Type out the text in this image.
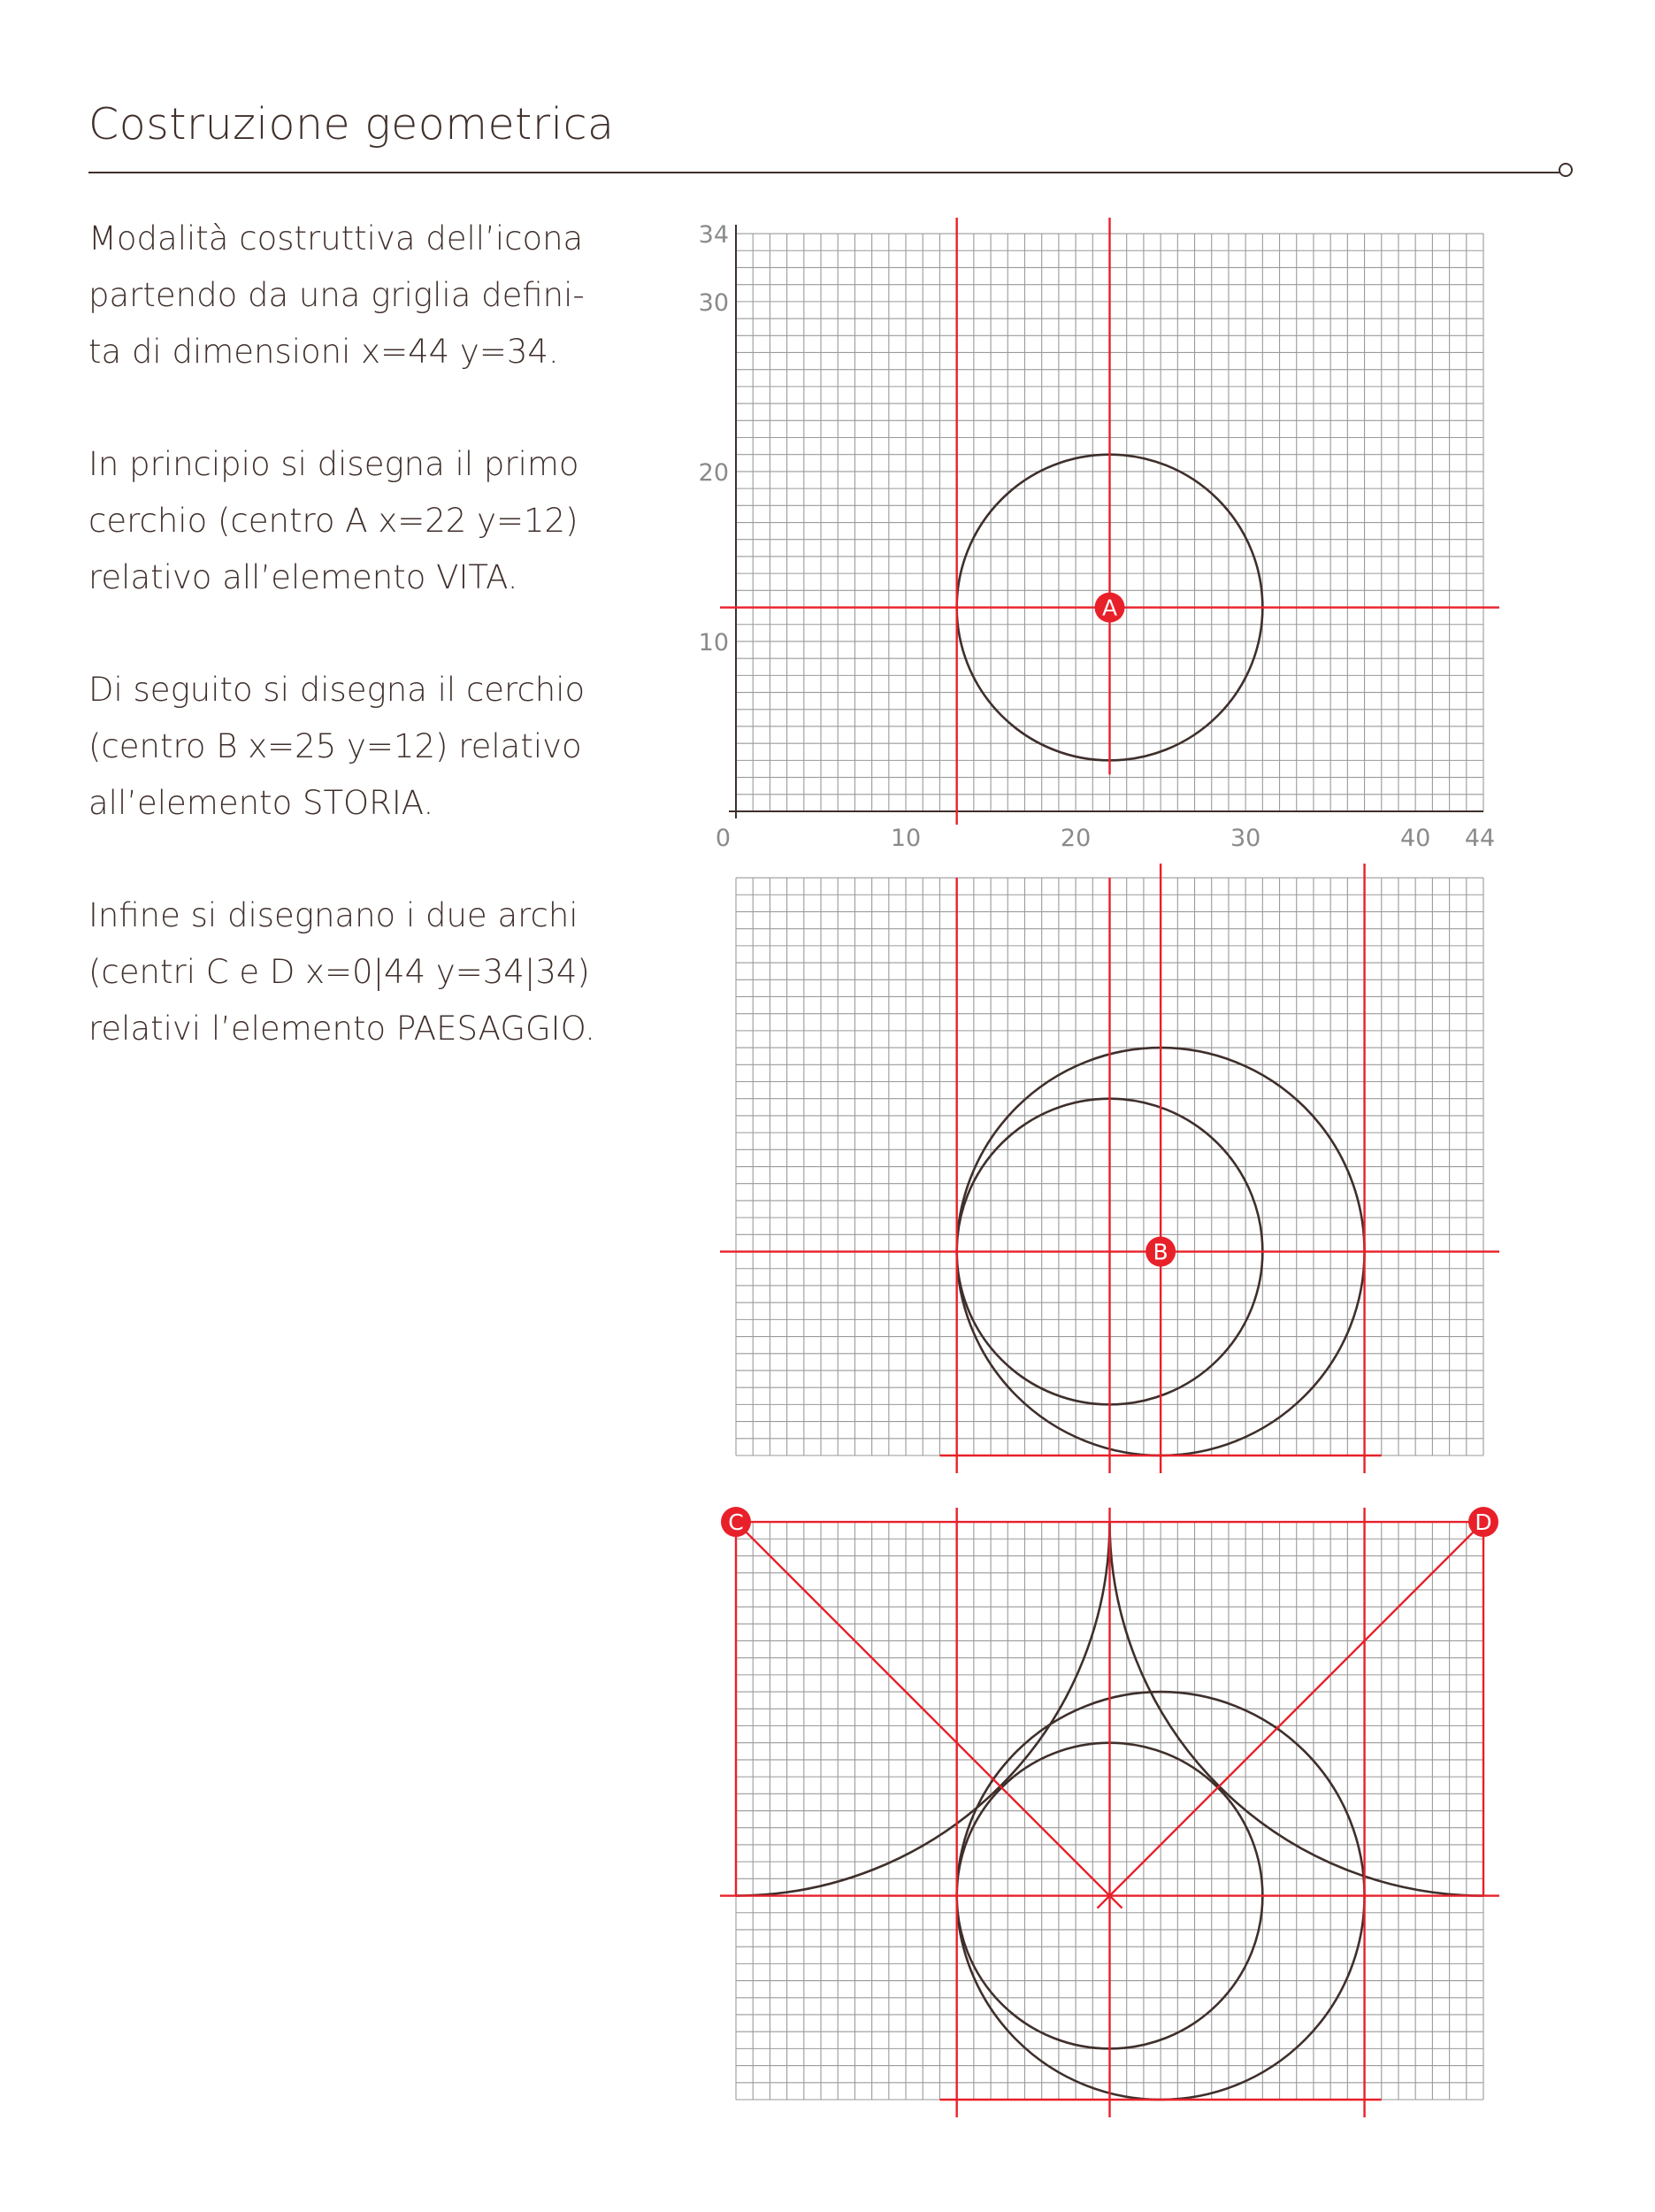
Costruzione geometrica

Modalità costruttiva dell’icona
partendo da una griglia defini-
ta di dimensioni x=44 y=34.

In principio si disegna il primo
cerchio (centro A x=22 y=12)
relativo all’elemento VITA.

Di seguito si disegna il cerchio
(centro B x=25 y=12) relativo
all’elemento STORIA.

Infine si disegnano i due archi
(centri C e D x=0|44 y=34|34)
relativi l’elemento PAESAGGIO.

34
30
20
10
0	10	20	30	40 44
A
B
C	D
